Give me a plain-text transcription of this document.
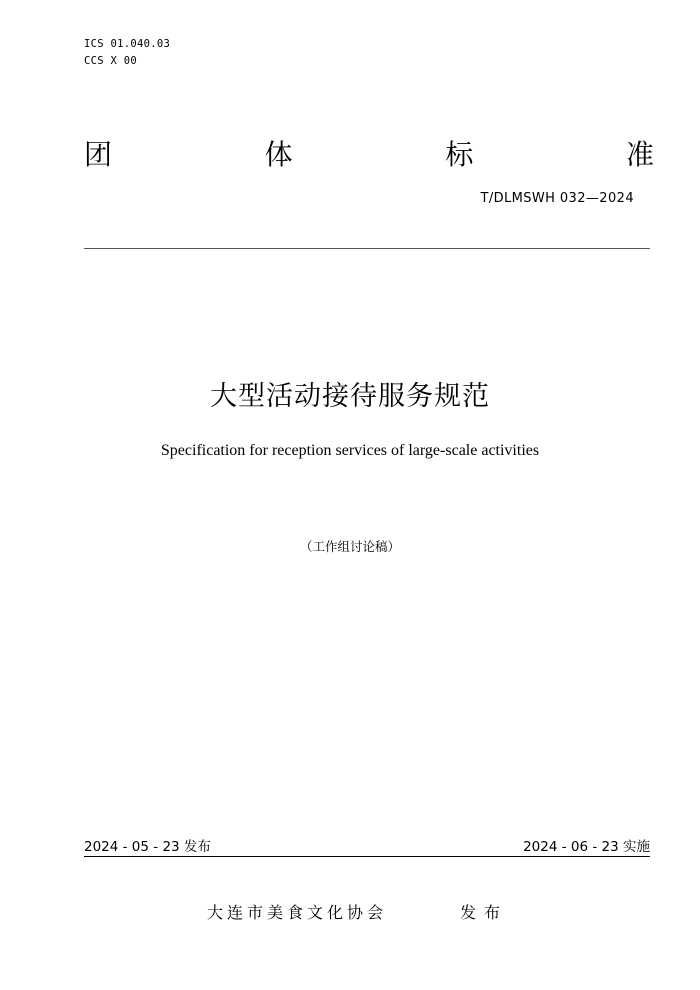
ICS 01.040.03
CCS X 00
团	体	标	准
T/DLMSWH 032—2024
大型活动接待服务规范
Specification for reception services of large-scale activities
（工作组讨论稿）
2024 - 05 - 23 发布	2024 - 06 - 23 实施
大连市美食文化协会	发布
